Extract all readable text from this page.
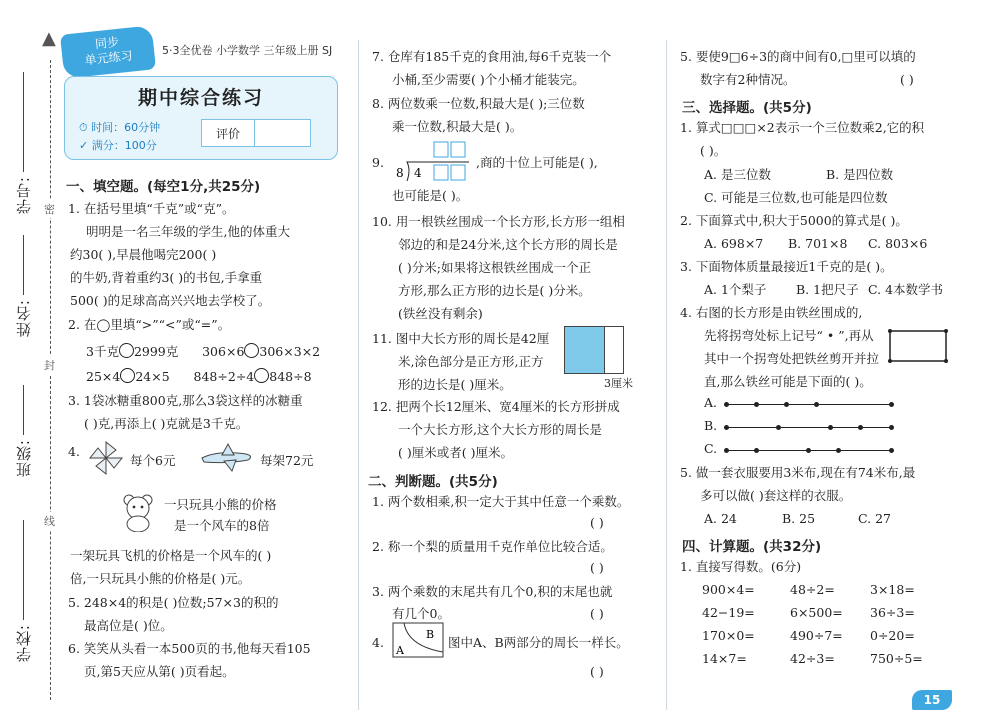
▲
密
封
线
学号:
姓名:
班级:
学校:
同步
单元练习	5·3全优卷 小学数学 三年级上册 SJ
期中综合练习
⏱ 时间：60分钟
✓ 满分：100分
评价
一、填空题。(每空1分,共25分)
1. 在括号里填“千克”或“克”。
明明是一名三年级的学生,他的体重大
约30( ),早晨他喝完200( )
的牛奶,背着重约3( )的书包,手拿重
500( )的足球高高兴兴地去学校了。
2. 在◯里填“>”“<”或“=”。
3千克 2999克 306×6 306×3×2
25×4 24×5 848÷2÷4 848÷8
3. 1袋冰糖重800克,那么3袋这样的冰糖重
( )克,再添上( )克就是3千克。
4.
每个6元	每架72元
一只玩具小熊的价格
是一个风车的8倍
一架玩具飞机的价格是一个风车的( )
倍,一只玩具小熊的价格是( )元。
5. 248×4的积是( )位数;57×3的积的
最高位是( )位。
6. 笑笑从头看一本500页的书,他每天看105
页,第5天应从第( )页看起。
7. 仓库有185千克的食用油,每6千克装一个
小桶,至少需要( )个小桶才能装完。
8. 两位数乘一位数,积最大是( );三位数
乘一位数,积最大是( )。
9.
8 4
,商的十位上可能是( ),
也可能是( )。
10. 用一根铁丝围成一个长方形,长方形一组相
邻边的和是24分米,这个长方形的周长是
( )分米;如果将这根铁丝围成一个正
方形,那么正方形的边长是( )分米。
(铁丝没有剩余)
11. 图中大长方形的周长是42厘
米,涂色部分是正方形,正方
形的边长是( )厘米。	3厘米
12. 把两个长12厘米、宽4厘米的长方形拼成
一个大长方形,这个大长方形的周长是
( )厘米或者( )厘米。
二、判断题。(共5分)
1. 两个数相乘,积一定大于其中任意一个乘数。
( )
2. 称一个梨的质量用千克作单位比较合适。
( )
3. 两个乘数的末尾共有几个0,积的末尾也就
有几个0。	( )
4.
A
B
图中A、B两部分的周长一样长。
( )
5. 要使9□6÷3的商中间有0,□里可以填的
数字有2种情况。	( )
三、选择题。(共5分)
1. 算式□□□×2表示一个三位数乘2,它的积
( )。
A. 是三位数	B. 是四位数
C. 可能是三位数,也可能是四位数
2. 下面算式中,积大于5000的算式是( )。
A. 698×7 B. 701×8 C. 803×6
3. 下面物体质量最接近1千克的是( )。
A. 1个梨子 B. 1把尺子 C. 4本数学书
4. 右图的长方形是由铁丝围成的,
先将拐弯处标上记号“ • ”,再从
其中一个拐弯处把铁丝剪开并拉
直,那么铁丝可能是下面的( )。
A.
B.
C.
5. 做一套衣服要用3米布,现在有74米布,最
多可以做( )套这样的衣服。
A. 24	B. 25	C. 27
四、计算题。(共32分)
1. 直接写得数。(6分)
900×4=	48÷2=	3×18=
42−19=	6×500= 36÷3=
170×0=	490÷7= 0÷20=
14×7=	42÷3=	750÷5=
15
